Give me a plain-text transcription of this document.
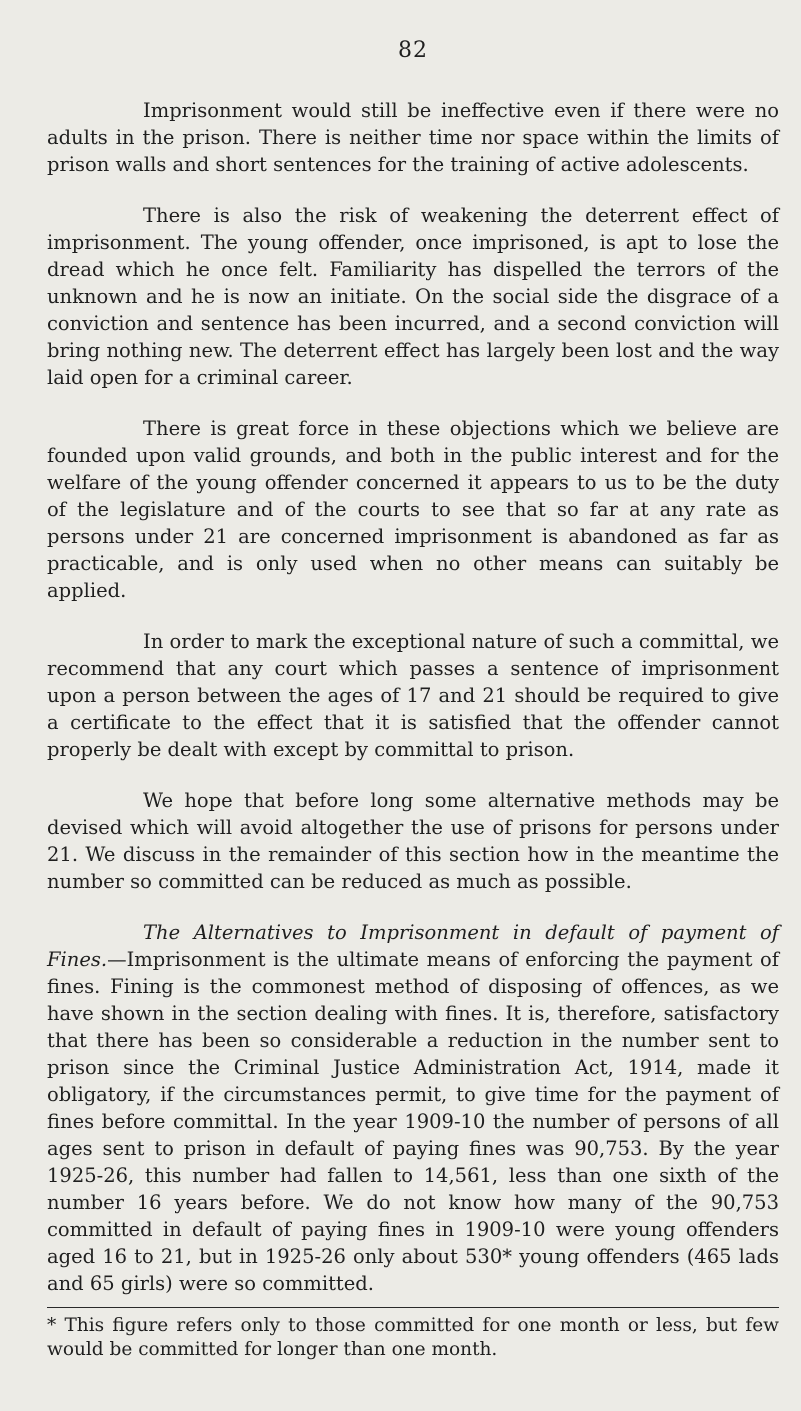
82

Imprisonment would still be ineffective even if there were no adults in the prison. There is neither time nor space within the limits of prison walls and short sentences for the training of active adolescents.

There is also the risk of weakening the deterrent effect of imprisonment. The young offender, once imprisoned, is apt to lose the dread which he once felt. Familiarity has dispelled the terrors of the unknown and he is now an initiate. On the social side the disgrace of a conviction and sentence has been incurred, and a second conviction will bring nothing new. The deterrent effect has largely been lost and the way laid open for a criminal career.

There is great force in these objections which we believe are founded upon valid grounds, and both in the public interest and for the welfare of the young offender concerned it appears to us to be the duty of the legislature and of the courts to see that so far at any rate as persons under 21 are concerned imprisonment is abandoned as far as practicable, and is only used when no other means can suitably be applied.

In order to mark the exceptional nature of such a committal, we recommend that any court which passes a sentence of imprisonment upon a person between the ages of 17 and 21 should be required to give a certificate to the effect that it is satisfied that the offender cannot properly be dealt with except by committal to prison.

We hope that before long some alternative methods may be devised which will avoid altogether the use of prisons for persons under 21. We discuss in the remainder of this section how in the meantime the number so committed can be reduced as much as possible.

The Alternatives to Imprisonment in default of payment of Fines.—Imprisonment is the ultimate means of enforcing the payment of fines. Fining is the commonest method of disposing of offences, as we have shown in the section dealing with fines. It is, therefore, satisfactory that there has been so considerable a reduction in the number sent to prison since the Criminal Justice Administration Act, 1914, made it obligatory, if the circumstances permit, to give time for the payment of fines before committal. In the year 1909-10 the number of persons of all ages sent to prison in default of paying fines was 90,753. By the year 1925-26, this number had fallen to 14,561, less than one sixth of the number 16 years before. We do not know how many of the 90,753 committed in default of paying fines in 1909-10 were young offenders aged 16 to 21, but in 1925-26 only about 530* young offenders (465 lads and 65 girls) were so committed.

* This figure refers only to those committed for one month or less, but few would be committed for longer than one month.
